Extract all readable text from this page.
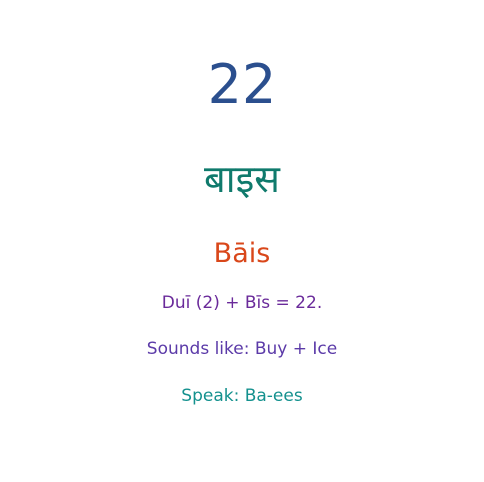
22
बाइस
Bāis
Duī (2) + Bīs = 22.
Sounds like: Buy + Ice
Speak: Ba-ees
